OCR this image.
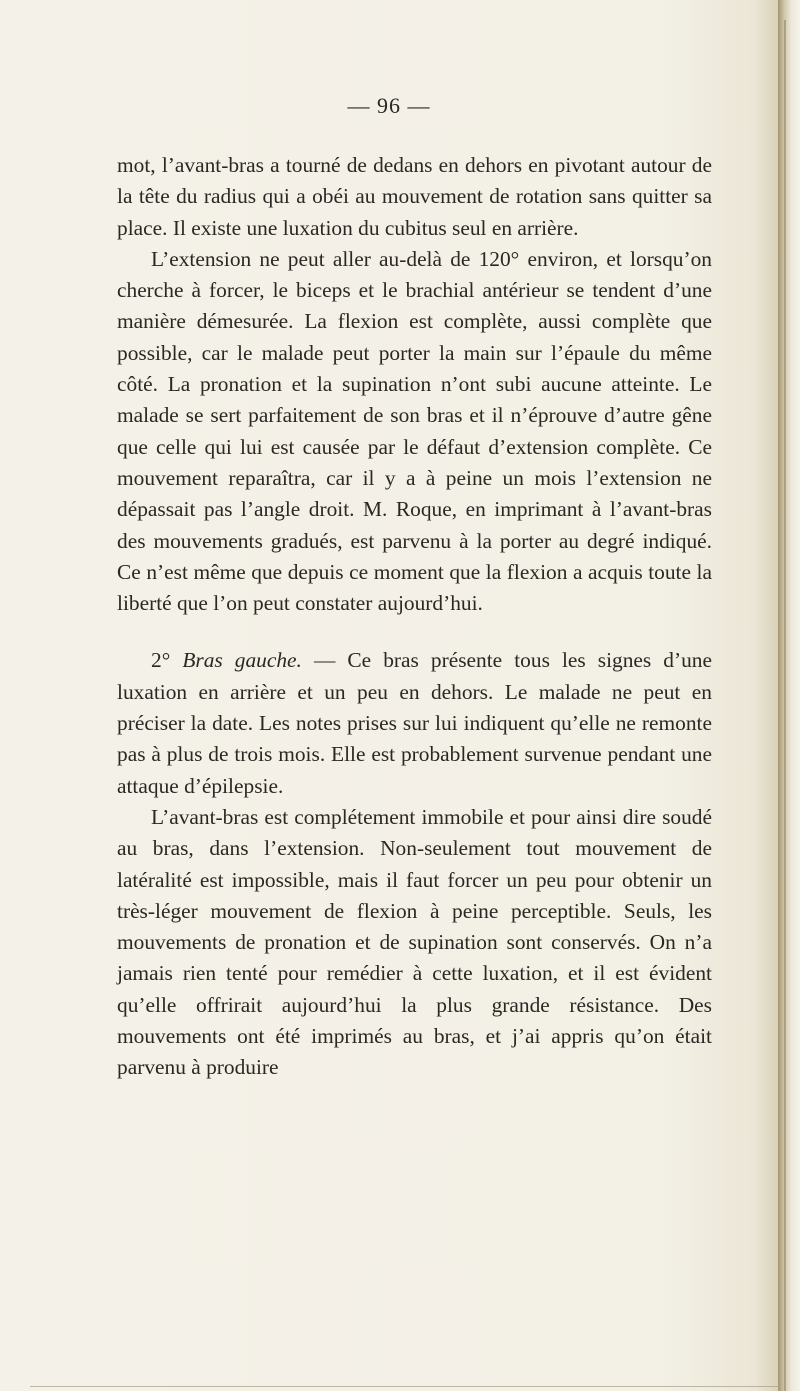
— 96 —

mot, l’avant-bras a tourné de dedans en dehors en pivotant autour de la tête du radius qui a obéi au mouvement de rotation sans quitter sa place. Il existe une luxation du cubitus seul en arrière.

L’extension ne peut aller au-delà de 120° environ, et lorsqu’on cherche à forcer, le biceps et le brachial antérieur se tendent d’une manière démesurée. La flexion est complète, aussi complète que possible, car le malade peut porter la main sur l’épaule du même côté. La pronation et la supination n’ont subi aucune atteinte. Le malade se sert parfaitement de son bras et il n’éprouve d’autre gêne que celle qui lui est causée par le défaut d’extension complète. Ce mouvement reparaîtra, car il y a à peine un mois l’extension ne dépassait pas l’angle droit. M. Roque, en imprimant à l’avant-bras des mouvements gradués, est parvenu à la porter au degré indiqué. Ce n’est même que depuis ce moment que la flexion a acquis toute la liberté que l’on peut constater aujourd’hui.

2° Bras gauche. — Ce bras présente tous les signes d’une luxation en arrière et un peu en dehors. Le malade ne peut en préciser la date. Les notes prises sur lui indiquent qu’elle ne remonte pas à plus de trois mois. Elle est probablement survenue pendant une attaque d’épilepsie.

L’avant-bras est complétement immobile et pour ainsi dire soudé au bras, dans l’extension. Non-seulement tout mouvement de latéralité est impossible, mais il faut forcer un peu pour obtenir un très-léger mouvement de flexion à peine perceptible. Seuls, les mouvements de pronation et de supination sont conservés. On n’a jamais rien tenté pour remédier à cette luxation, et il est évident qu’elle offrirait aujourd’hui la plus grande résistance. Des mouvements ont été imprimés au bras, et j’ai appris qu’on était parvenu à produire
